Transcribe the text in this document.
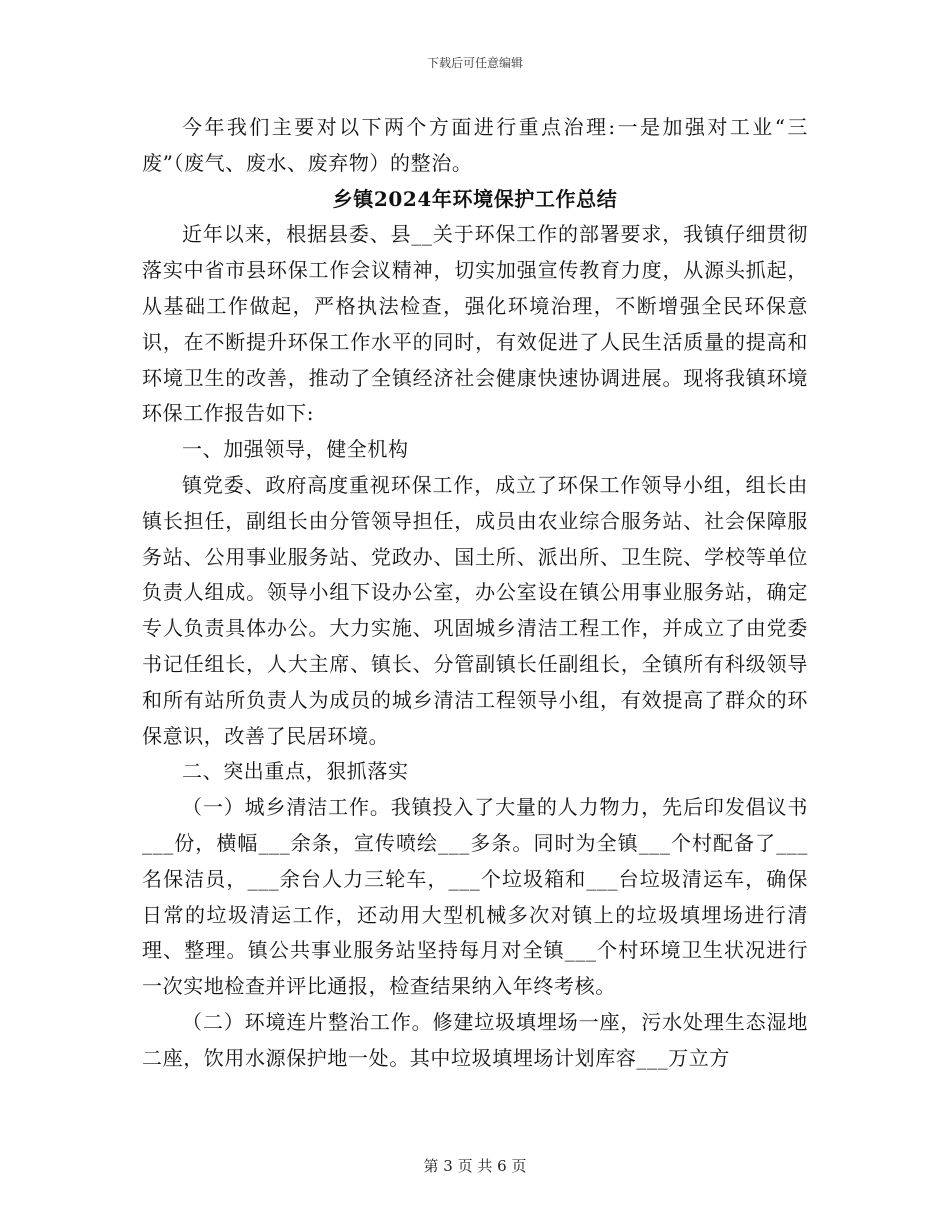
下载后可任意编辑

今年我们主要对以下两个方面进行重点治理:一是加强对工业“三废”（废气、废水、废弃物）的整治。

乡镇2024年环境保护工作总结

近年以来，根据县委、县__关于环保工作的部署要求，我镇仔细贯彻落实中省市县环保工作会议精神，切实加强宣传教育力度，从源头抓起，从基础工作做起，严格执法检查，强化环境治理，不断增强全民环保意识，在不断提升环保工作水平的同时，有效促进了人民生活质量的提高和环境卫生的改善，推动了全镇经济社会健康快速协调进展。现将我镇环境环保工作报告如下:

一、加强领导，健全机构

镇党委、政府高度重视环保工作，成立了环保工作领导小组，组长由镇长担任，副组长由分管领导担任，成员由农业综合服务站、社会保障服务站、公用事业服务站、党政办、国土所、派出所、卫生院、学校等单位负责人组成。领导小组下设办公室，办公室设在镇公用事业服务站，确定专人负责具体办公。大力实施、巩固城乡清洁工程工作，并成立了由党委书记任组长，人大主席、镇长、分管副镇长任副组长，全镇所有科级领导和所有站所负责人为成员的城乡清洁工程领导小组，有效提高了群众的环保意识，改善了民居环境。

二、突出重点，狠抓落实

（一）城乡清洁工作。我镇投入了大量的人力物力，先后印发倡议书___份，横幅___余条，宣传喷绘___多条。同时为全镇___个村配备了___名保洁员，___余台人力三轮车，___个垃圾箱和___台垃圾清运车，确保日常的垃圾清运工作，还动用大型机械多次对镇上的垃圾填埋场进行清理、整理。镇公共事业服务站坚持每月对全镇___个村环境卫生状况进行一次实地检查并评比通报，检查结果纳入年终考核。

（二）环境连片整治工作。修建垃圾填埋场一座，污水处理生态湿地二座，饮用水源保护地一处。其中垃圾填埋场计划库容___万立方

第 3 页 共 6 页
